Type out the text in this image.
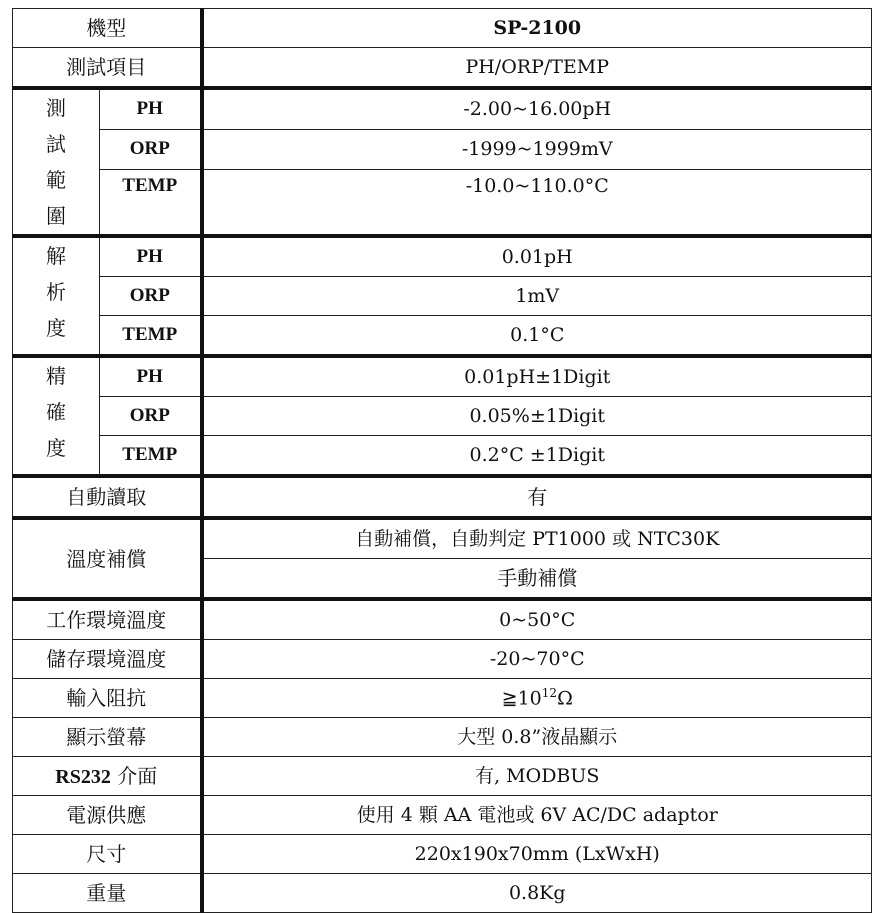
機型		SP-2100
測試項目		PH/ORP/TEMP

測
試
範
圍	PH	-2.00~16.00pH
	ORP	-1999~1999mV
	TEMP	-10.0~110.0°C

解
析
度	PH	0.01pH
	ORP	1mV
	TEMP	0.1°C

精
確
度	PH	0.01pH±1Digit
	ORP	0.05%±1Digit
	TEMP	0.2°C ±1Digit
自動讀取		有
溫度補償		自動補償，自動判定 PT1000 或 NTC30K
		手動補償
工作環境溫度		0~50°C
儲存環境溫度		-20~70°C
輸入阻抗		$≧10^{12}\Omega$
顯示螢幕		大型 0.8”液晶顯示
RS232 介面		有, MODBUS
電源供應		使用 4 顆 AA 電池或 6V AC/DC adaptor
尺寸		220x190x70mm (LxWxH)
重量		0.8Kg
